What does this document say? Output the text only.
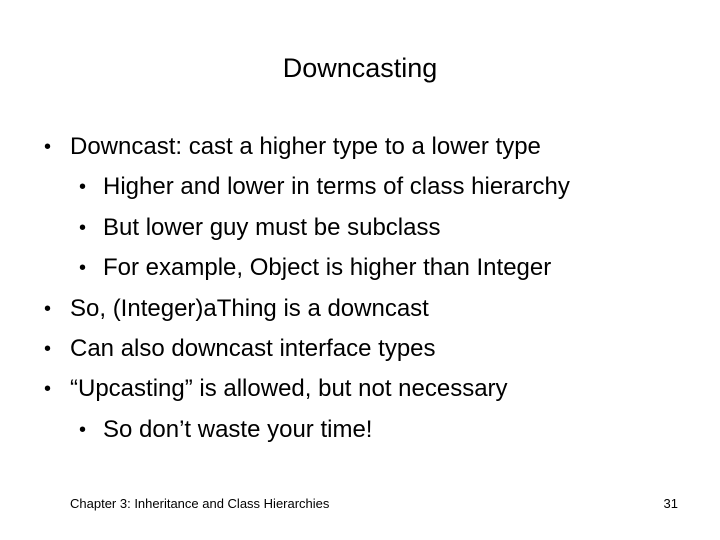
Downcasting
• Downcast: cast a higher type to a lower type
• Higher and lower in terms of class hierarchy
• But lower guy must be subclass
• For example, Object is higher than Integer
• So, (Integer)aThing is a downcast
• Can also downcast interface types
• “Upcasting” is allowed, but not necessary
• So don’t waste your time!
Chapter 3: Inheritance and Class Hierarchies	31
